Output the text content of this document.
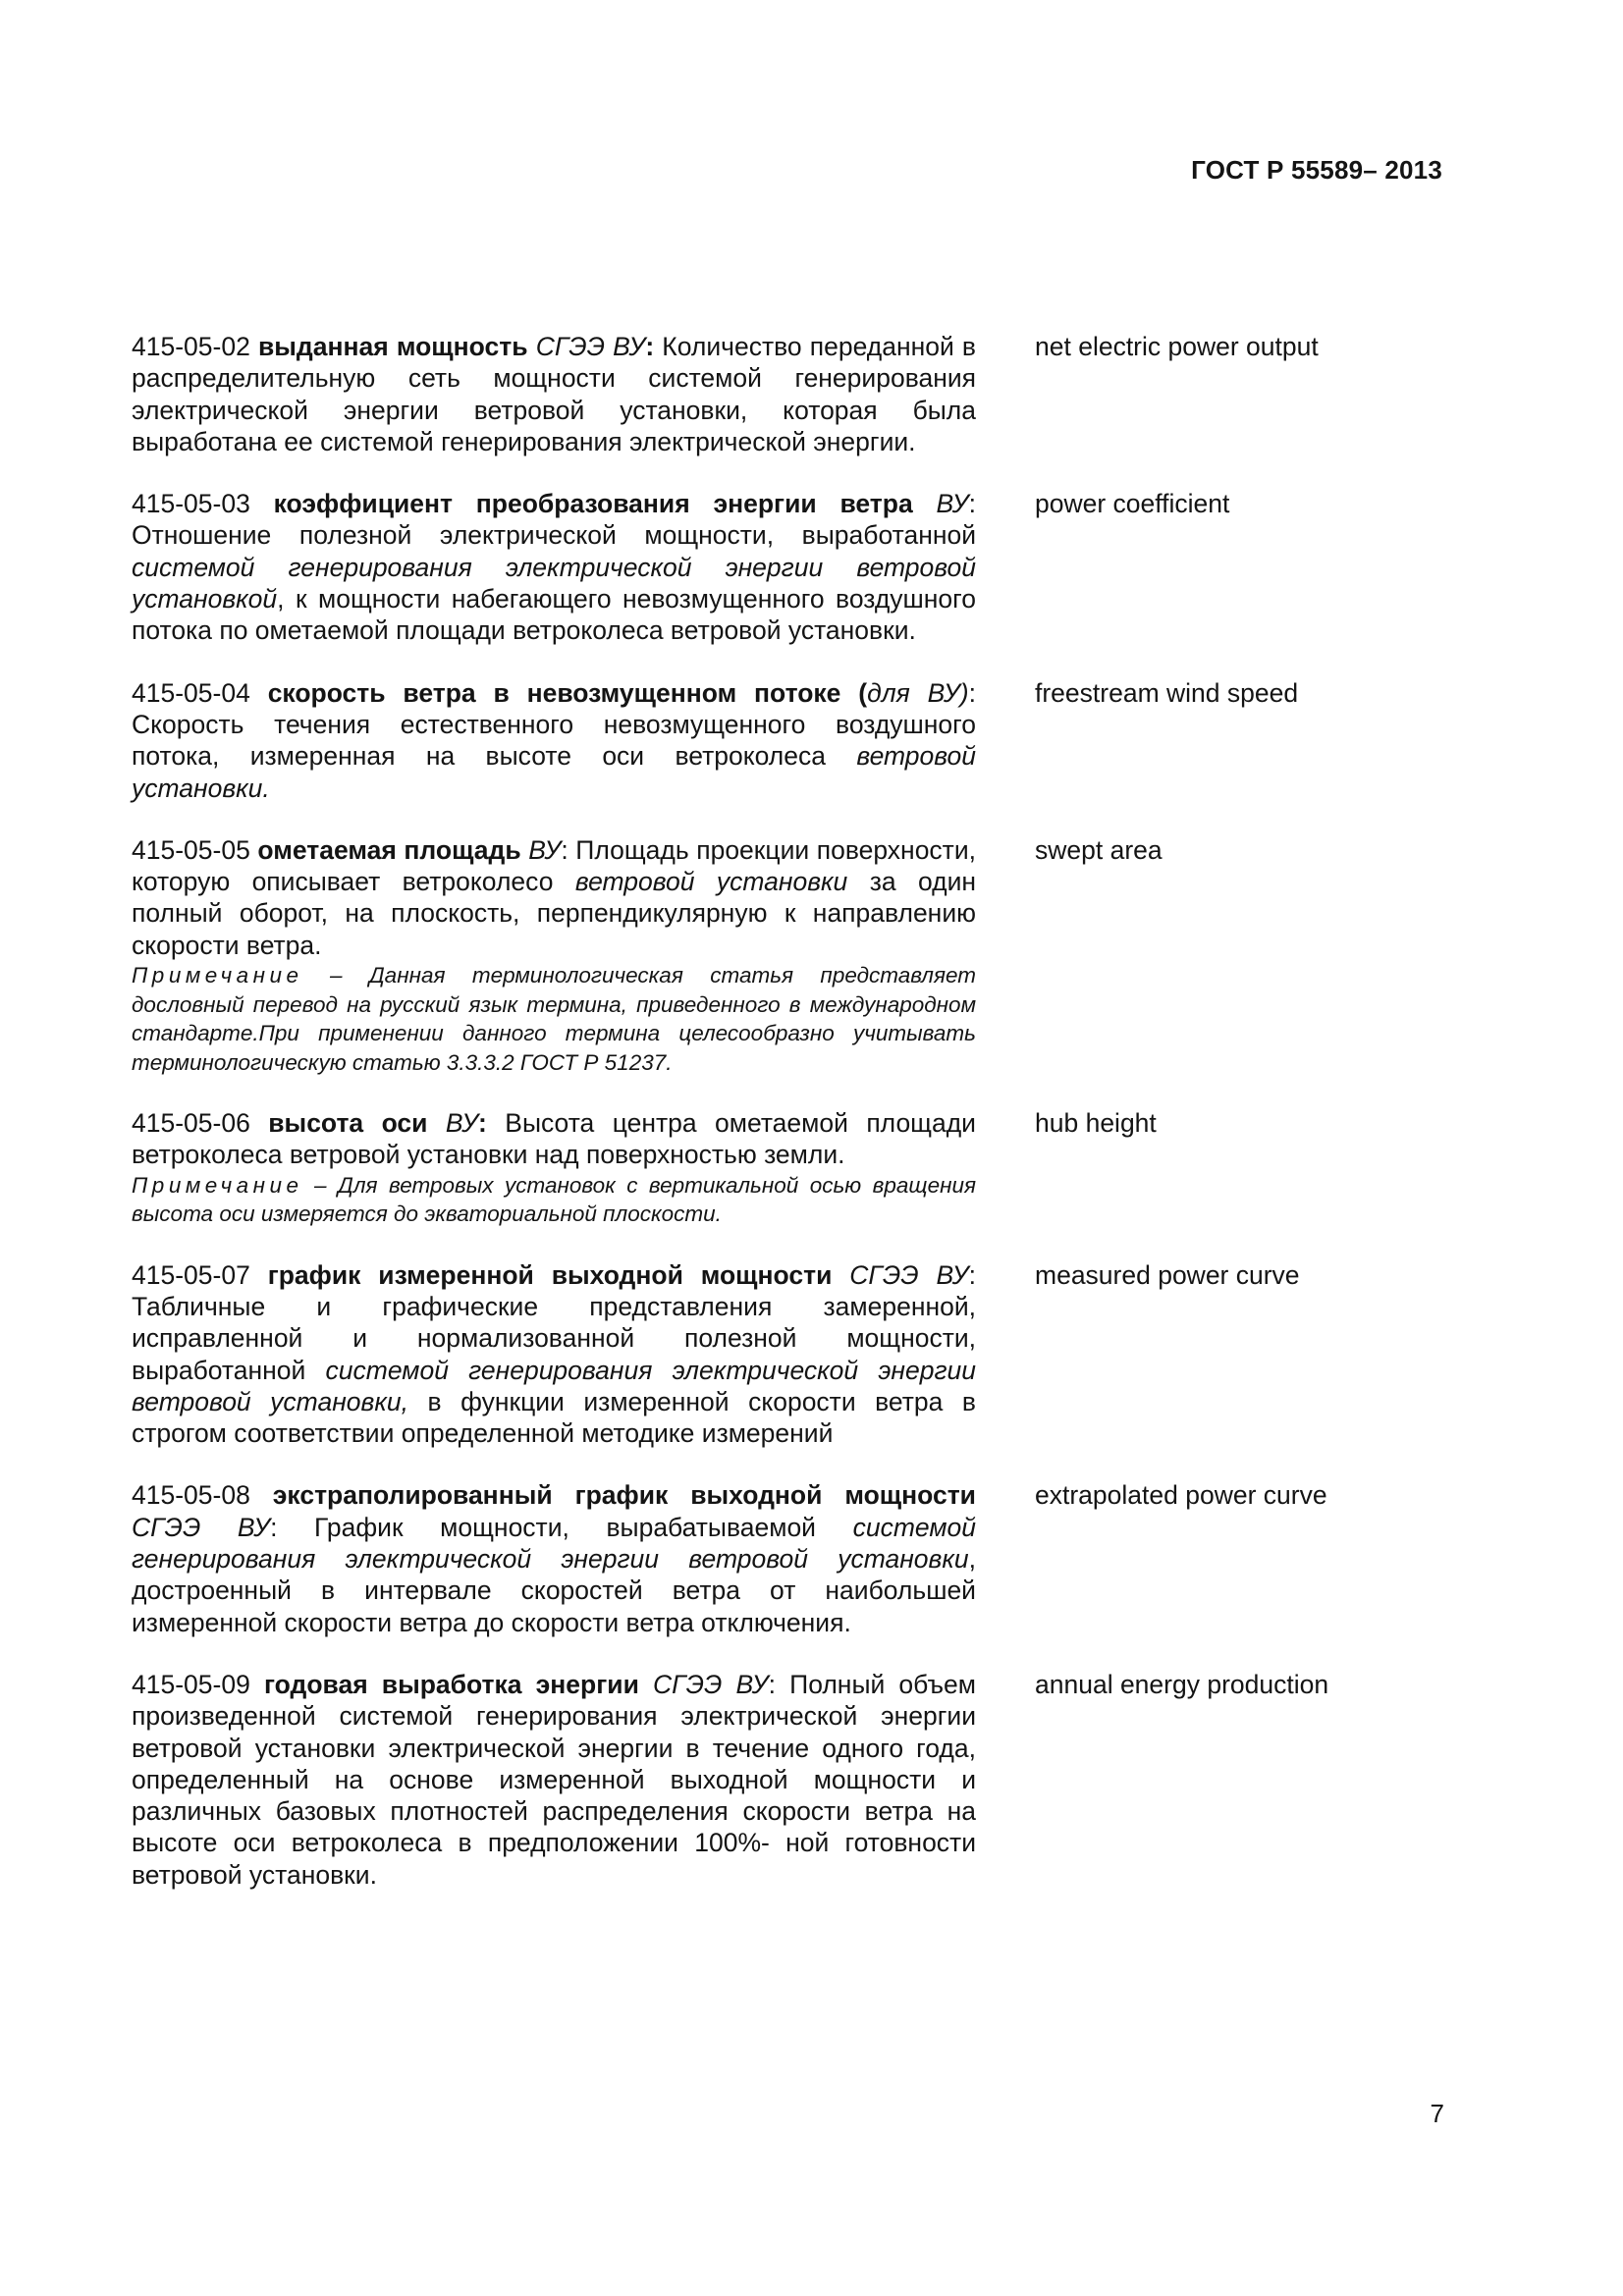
ГОСТ Р 55589– 2013

415-05-02 выданная мощность СГЭЭ ВУ: Количество переданной в распределительную сеть мощности системой генерирования электрической энергии ветровой установки, которая была выработана ее системой генерирования электрической энергии.

net electric power output

415-05-03 коэффициент преобразования энергии ветра ВУ: Отношение полезной электрической мощности, выработанной системой генерирования электрической энергии ветровой установкой, к мощности набегающего невозмущенного воздушного потока по ометаемой площади ветроколеса ветровой установки.

power coefficient

415-05-04 скорость ветра в невозмущенном потоке (для ВУ): Скорость течения естественного невозмущенного воздушного потока, измеренная на высоте оси ветроколеса ветровой установки.

freestream wind speed

415-05-05 ометаемая площадь ВУ: Площадь проекции поверхности, которую описывает ветроколесо ветровой установки за один полный оборот, на плоскость, перпендикулярную к направлению скорости ветра.

Примечание – Данная терминологическая статья представляет дословный перевод на русский язык термина, приведенного в международном стандарте.При применении данного термина целесообразно учитывать терминологическую статью 3.3.3.2 ГОСТ Р 51237.

swept area

415-05-06 высота оси ВУ: Высота центра ометаемой площади ветроколеса ветровой установки над поверхностью земли.

Примечание – Для ветровых установок с вертикальной осью вращения высота оси измеряется до экваториальной плоскости.

hub height

415-05-07 график измеренной выходной мощности СГЭЭ ВУ: Табличные и графические представления замеренной, исправленной и нормализованной полезной мощности, выработанной системой генерирования электрической энергии ветровой установки, в функции измеренной скорости ветра в строгом соответствии определенной методике измерений

measured power curve

415-05-08 экстраполированный график выходной мощности СГЭЭ ВУ: График мощности, вырабатываемой системой генерирования электрической энергии ветровой установки, достроенный в интервале скоростей ветра от наибольшей измеренной скорости ветра до скорости ветра отключения.

extrapolated power curve

415-05-09 годовая выработка энергии СГЭЭ ВУ: Полный объем произведенной системой генерирования электрической энергии ветровой установки электрической энергии в течение одного года, определенный на основе измеренной выходной мощности и различных базовых плотностей распределения скорости ветра на высоте оси ветроколеса в предположении 100%- ной готовности ветровой установки.

annual energy production
7
